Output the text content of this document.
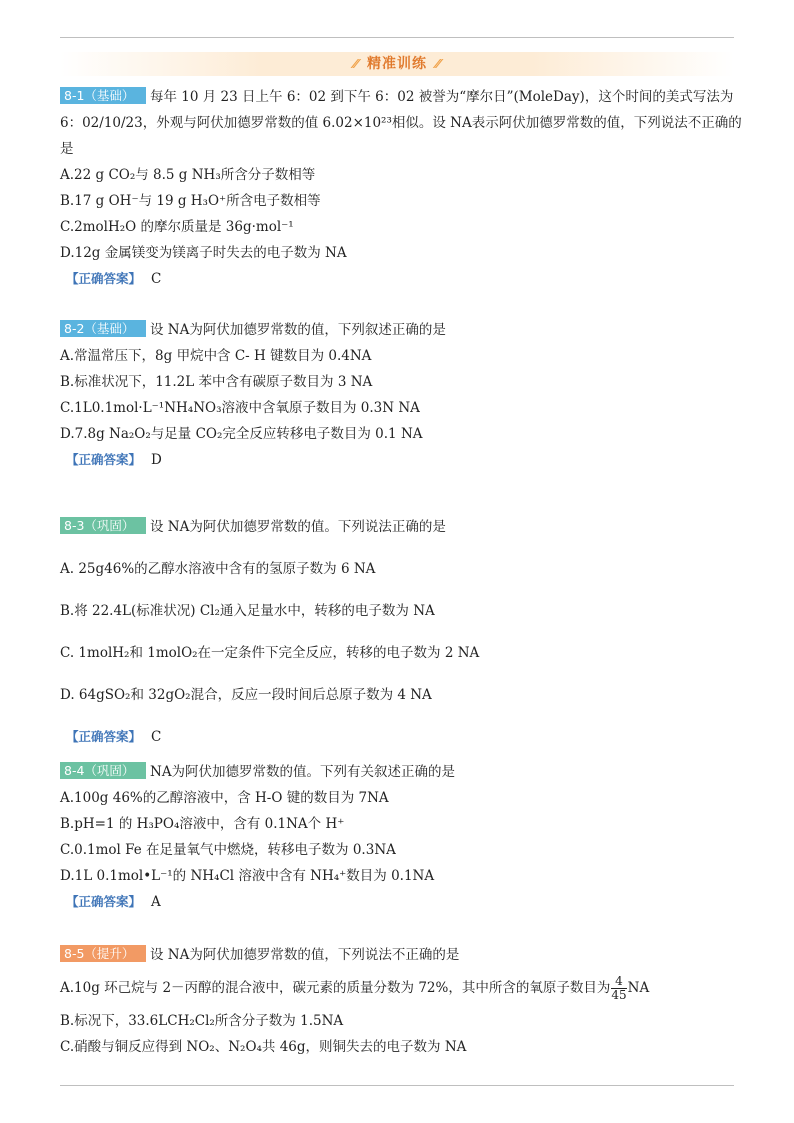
⁄⁄ 精准训练 ⁄⁄
8-1（基础） 每年 10 月 23 日上午 6：02 到下午 6：02 被誉为“摩尔日”(MoleDay)，这个时间的美式写法为
6：02/10/23，外观与阿伏加德罗常数的值 6.02×10²³相似。设 NA表示阿伏加德罗常数的值，下列说法不正确的
是
A.22 g CO₂与 8.5 g NH₃所含分子数相等
B.17 g OH⁻与 19 g H₃O⁺所含电子数相等
C.2molH₂O 的摩尔质量是 36g·mol⁻¹
D.12g 金属镁变为镁离子时失去的电子数为 NA
【正确答案】 C
8-2（基础） 设 NA为阿伏加德罗常数的值，下列叙述正确的是
A.常温常压下，8g 甲烷中含 C- H 键数目为 0.4NA
B.标准状况下，11.2L 苯中含有碳原子数目为 3 NA
C.1L0.1mol·L⁻¹NH₄NO₃溶液中含氧原子数目为 0.3N NA
D.7.8g Na₂O₂与足量 CO₂完全反应转移电子数目为 0.1 NA
【正确答案】 D
8-3（巩固） 设 NA为阿伏加德罗常数的值。下列说法正确的是
A. 25g46%的乙醇水溶液中含有的氢原子数为 6 NA
B.将 22.4L(标准状况) Cl₂通入足量水中，转移的电子数为 NA
C. 1molH₂和 1molO₂在一定条件下完全反应，转移的电子数为 2 NA
D. 64gSO₂和 32gO₂混合，反应一段时间后总原子数为 4 NA
【正确答案】 C
8-4（巩固） NA为阿伏加德罗常数的值。下列有关叙述正确的是
A.100g 46%的乙醇溶液中，含 H-O 键的数目为 7NA
B.pH=1 的 H₃PO₄溶液中，含有 0.1NA个 H⁺
C.0.1mol Fe 在足量氧气中燃烧，转移电子数为 0.3NA
D.1L 0.1mol•L⁻¹的 NH₄Cl 溶液中含有 NH₄⁺数目为 0.1NA
【正确答案】 A
8-5（提升） 设 NA为阿伏加德罗常数的值，下列说法不正确的是
A.10g 环己烷与 2－丙醇的混合液中，碳元素的质量分数为 72%，其中所含的氧原子数目为 $\frac{4}{45}$ NA
B.标况下，33.6LCH₂Cl₂所含分子数为 1.5NA
C.硝酸与铜反应得到 NO₂、N₂O₄共 46g，则铜失去的电子数为 NA
